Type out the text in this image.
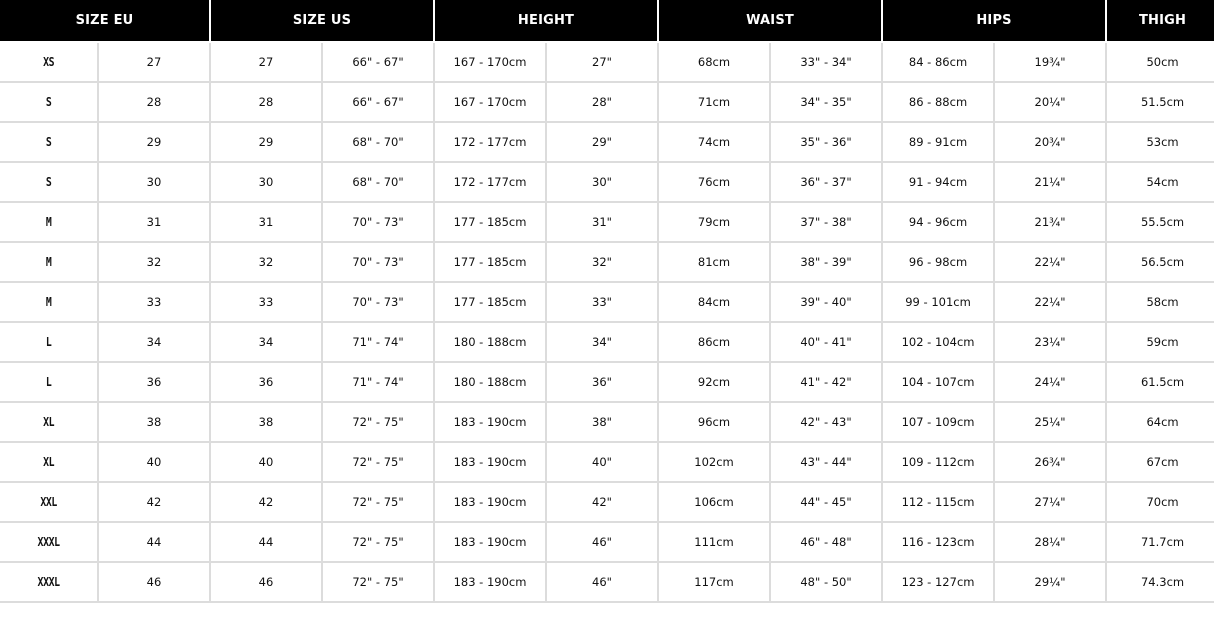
SIZE EU		SIZE US		HEIGHT		WAIST		HIPS		THIGH
XS	27	27	66" - 67"	167 - 170cm	27"	68cm	33" - 34"	84 - 86cm	19¾"	50cm
S	28	28	66" - 67"	167 - 170cm	28"	71cm	34" - 35"	86 - 88cm	20¼"	51.5cm
S	29	29	68" - 70"	172 - 177cm	29"	74cm	35" - 36"	89 - 91cm	20¾"	53cm
S	30	30	68" - 70"	172 - 177cm	30"	76cm	36" - 37"	91 - 94cm	21¼"	54cm
M	31	31	70" - 73"	177 - 185cm	31"	79cm	37" - 38"	94 - 96cm	21¾"	55.5cm
M	32	32	70" - 73"	177 - 185cm	32"	81cm	38" - 39"	96 - 98cm	22¼"	56.5cm
M	33	33	70" - 73"	177 - 185cm	33"	84cm	39" - 40"	99 - 101cm	22¼"	58cm
L	34	34	71" - 74"	180 - 188cm	34"	86cm	40" - 41"	102 - 104cm	23¼"	59cm
L	36	36	71" - 74"	180 - 188cm	36"	92cm	41" - 42"	104 - 107cm	24¼"	61.5cm
XL	38	38	72" - 75"	183 - 190cm	38"	96cm	42" - 43"	107 - 109cm	25¼"	64cm
XL	40	40	72" - 75"	183 - 190cm	40"	102cm	43" - 44"	109 - 112cm	26¾"	67cm
XXL	42	42	72" - 75"	183 - 190cm	42"	106cm	44" - 45"	112 - 115cm	27¼"	70cm
XXXL	44	44	72" - 75"	183 - 190cm	46"	111cm	46" - 48"	116 - 123cm	28¼"	71.7cm
XXXL	46	46	72" - 75"	183 - 190cm	46"	117cm	48" - 50"	123 - 127cm	29¼"	74.3cm
